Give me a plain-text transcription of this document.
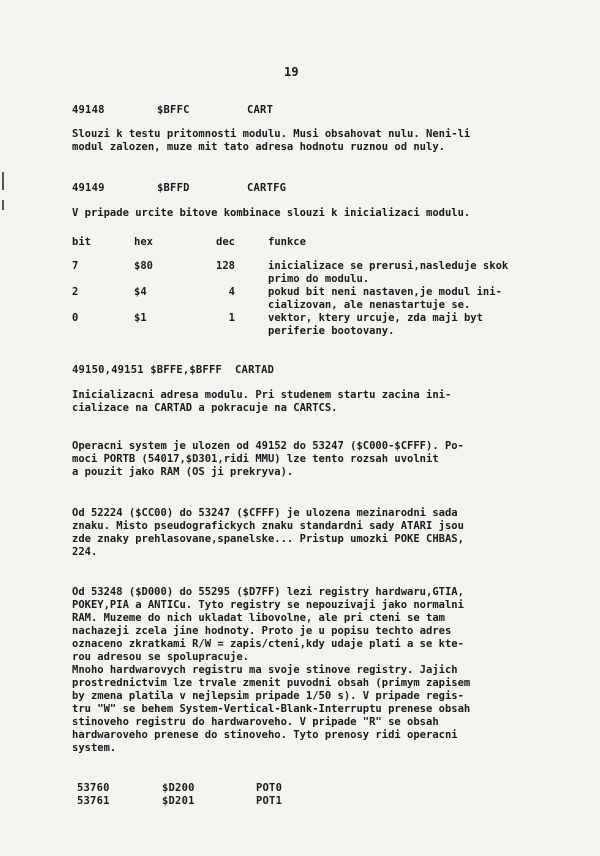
19
49148	$BFFC	CART
Slouzi k testu pritomnosti modulu. Musi obsahovat nulu. Neni-li
modul zalozen, muze mit tato adresa hodnotu ruznou od nuly.
49149	$BFFD	CARTFG
V pripade urcite bitove kombinace slouzi k inicializaci modulu.
bit	hex	dec	funkce
7	$80	128	inicializace se prerusi,nasleduje skok
primo do modulu.
2	$4	4	pokud bit neni nastaven,je modul ini-
cializovan, ale nenastartuje se.
0	$1	1	vektor, ktery urcuje, zda maji byt
periferie bootovany.
49150,49151 $BFFE,$BFFF  CARTAD
Inicializacni adresa modulu. Pri studenem startu zacina ini-
cializace na CARTAD a pokracuje na CARTCS.
Operacni system je ulozen od 49152 do 53247 ($C000-$CFFF). Po-
moci PORTB (54017,$D301,ridi MMU) lze tento rozsah uvolnit
a pouzit jako RAM (OS ji prekryva).
Od 52224 ($CC00) do 53247 ($CFFF) je ulozena mezinarodni sada
znaku. Misto pseudografickych znaku standardni sady ATARI jsou
zde znaky prehlasovane,spanelske... Pristup umozki POKE CHBAS,
224.
Od 53248 ($D000) do 55295 ($D7FF) lezi registry hardwaru,GTIA,
POKEY,PIA a ANTICu. Tyto registry se nepouzivaji jako normalni
RAM. Muzeme do nich ukladat libovolne, ale pri cteni se tam
nachazeji zcela jine hodnoty. Proto je u popisu techto adres
oznaceno zkratkami R/W = zapis/cteni,kdy udaje plati a se kte-
rou adresou se spolupracuje.
Mnoho hardwarovych registru ma svoje stinove registry. Jajich
prostrednictvim lze trvale zmenit puvodni obsah (primym zapisem
by zmena platila v nejlepsim pripade 1/50 s). V pripade regis-
tru "W" se behem System-Vertical-Blank-Interruptu prenese obsah
stinoveho registru do hardwaroveho. V pripade "R" se obsah
hardwaroveho prenese do stinoveho. Tyto prenosy ridi operacni
system.
53760	$D200	POT0
53761	$D201	POT1
